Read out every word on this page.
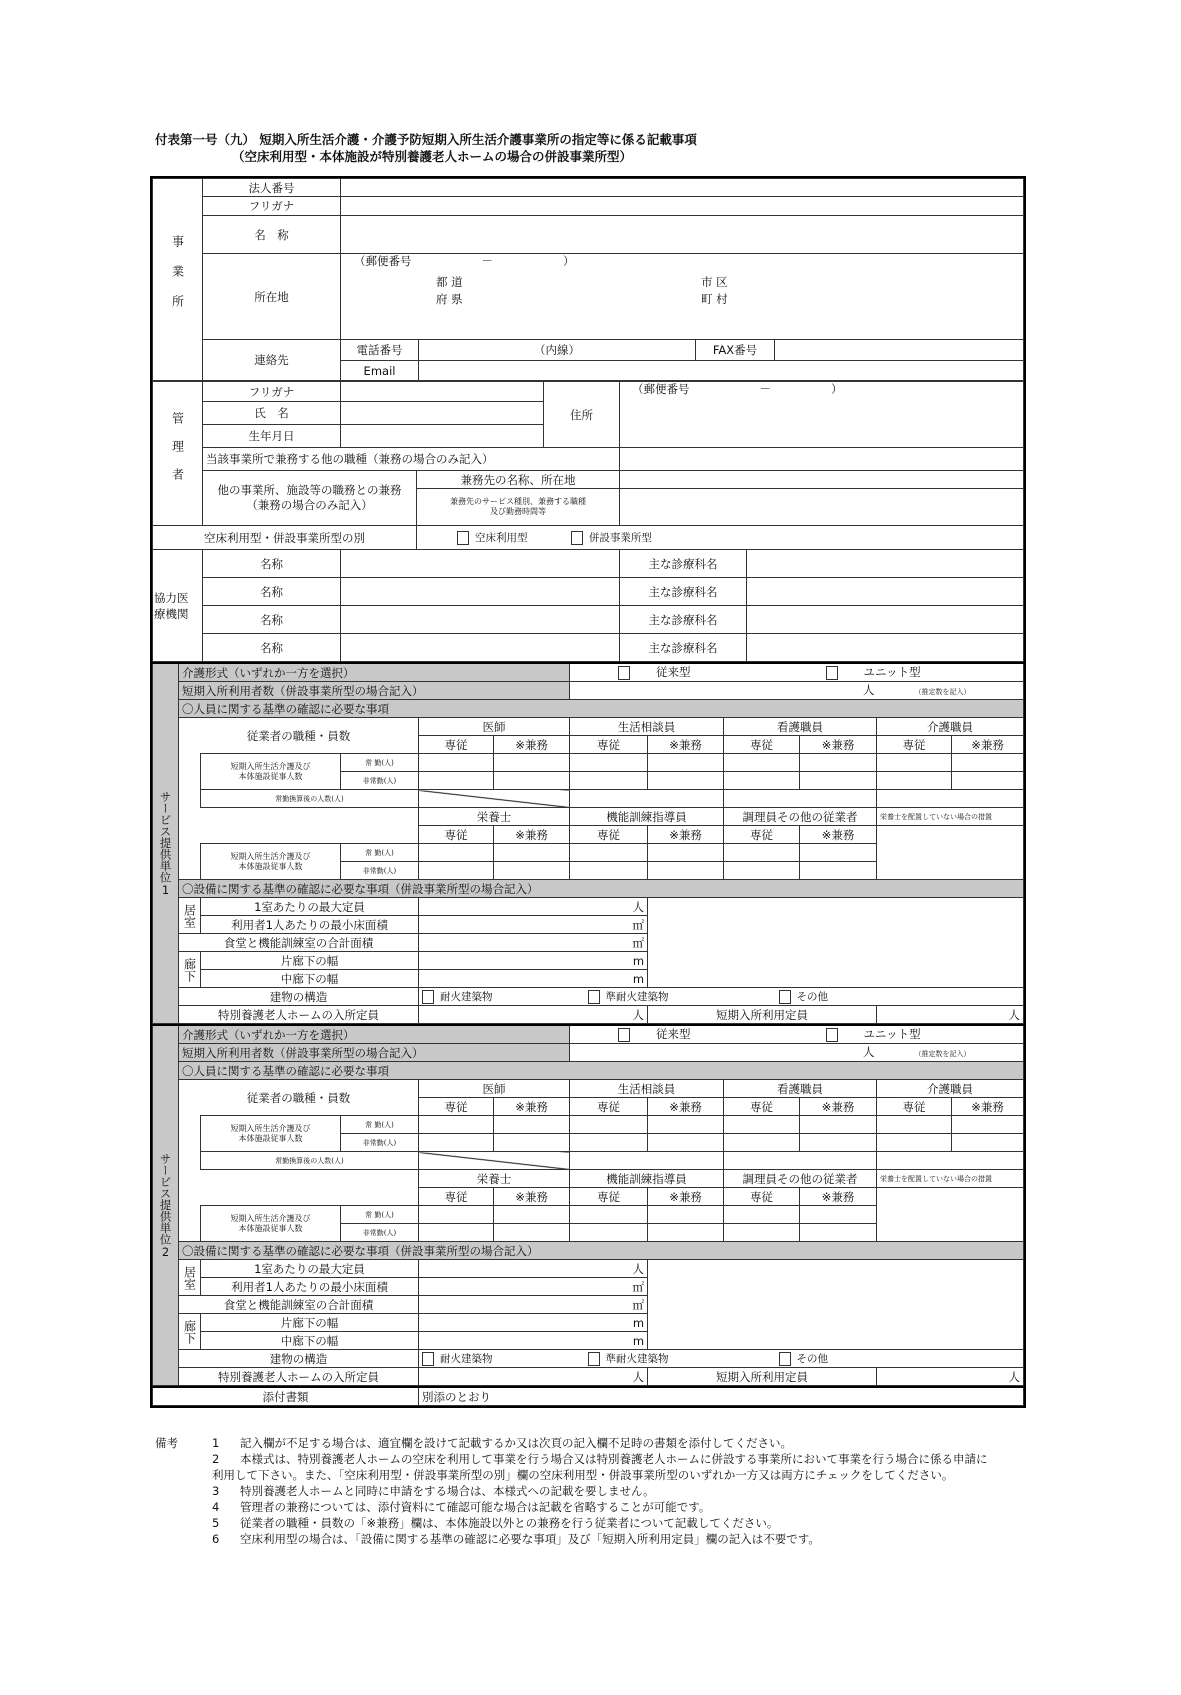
付表第一号（九） 短期入所生活介護・介護予防短期入所生活介護事業所の指定等に係る記載事項
（空床利用型・本体施設が特別養護老人ホームの場合の併設事業所型）
事業所	法人番号				
	フリガナ				
	名　称				
	所在地	（郵便番号 － ）
都 道
府 県
市 区
町 村			

	連絡先	電話番号	（内線）	FAX番号	
		Email			
管理者	フリガナ			住所	（郵便番号 － ）	
	氏　名					
	生年月日					
	当該事業所で兼務する他の職種（兼務の場合のみ記入）					

	他の事業所、施設等の職務との兼務
（兼務の場合のみ記入）		兼務先の名称、所在地			

			兼務先のサービス種別、兼務する職種
及び勤務時間等			

空床利用型・併設事業所型の別			空床利用型 併設事業所型			

協力医
療機関	名称				主な診療科名	
	名称				主な診療科名	
	名称				主な診療科名	
	名称				主な診療科名	
サービス提供単位1	介護形式（いずれか一方を選択）					従来型 ユニット型					
	短期入所利用者数（併設事業所型の場合記入）					人 （推定数を記入）					
	〇人員に関する基準の確認に必要な事項										
	従業者の職種・員数			医師		生活相談員		看護職員		介護職員	
				専従	※兼務	専従	※兼務	専従	※兼務	専従	※兼務

		短期入所生活介護及び
本体施設従事人数	常 勤(人)								
			非常勤(人)								
		常勤換算後の人数(人)									
				栄養士		機能訓練指導員		調理員その他の従業者		栄養士を配置していない場合の措置	
				専従	※兼務	専従	※兼務	専従	※兼務		

		短期入所生活介護及び
本体施設従事人数	常 勤(人)								
			非常勤(人)								
	〇設備に関する基準の確認に必要な事項（併設事業所型の場合記入）										
	居室	1室あたりの最大定員		人							
		利用者1人あたりの最小床面積		㎡							
	食堂と機能訓練室の合計面積			㎡							
	廊下	片廊下の幅		m							
		中廊下の幅		m							
	建物の構造			耐火建築物 準耐火建築物 その他							
	特別養護老人ホームの入所定員			人			短期入所利用定員			人	
サービス提供単位2	介護形式（いずれか一方を選択）					従来型 ユニット型					
	短期入所利用者数（併設事業所型の場合記入）					人 （推定数を記入）					
	〇人員に関する基準の確認に必要な事項										
	従業者の職種・員数			医師		生活相談員		看護職員		介護職員	
				専従	※兼務	専従	※兼務	専従	※兼務	専従	※兼務

		短期入所生活介護及び
本体施設従事人数	常 勤(人)								
			非常勤(人)								
		常勤換算後の人数(人)									
				栄養士		機能訓練指導員		調理員その他の従業者		栄養士を配置していない場合の措置	
				専従	※兼務	専従	※兼務	専従	※兼務		

		短期入所生活介護及び
本体施設従事人数	常 勤(人)								
			非常勤(人)								
	〇設備に関する基準の確認に必要な事項（併設事業所型の場合記入）										
	居室	1室あたりの最大定員		人							
		利用者1人あたりの最小床面積		㎡							
	食堂と機能訓練室の合計面積			㎡							
	廊下	片廊下の幅		m							
		中廊下の幅		m							
	建物の構造			耐火建築物 準耐火建築物 その他							
	特別養護老人ホームの入所定員			人			短期入所利用定員			人	
添付書類	別添のとおり
備考	1	記入欄が不足する場合は、適宜欄を設けて記載するか又は次頁の記入欄不足時の書類を添付してください。
2	本様式は、特別養護老人ホームの空床を利用して事業を行う場合又は特別養護老人ホームに併設する事業所において事業を行う場合に係る申請に利用して下さい。また、「空床利用型・併設事業所型の別」欄の空床利用型・併設事業所型のいずれか一方又は両方にチェックをしてください。
3	特別養護老人ホームと同時に申請をする場合は、本様式への記載を要しません。
4	管理者の兼務については、添付資料にて確認可能な場合は記載を省略することが可能です。
5	従業者の職種・員数の「※兼務」欄は、本体施設以外との兼務を行う従業者について記載してください。
6	空床利用型の場合は、「設備に関する基準の確認に必要な事項」及び「短期入所利用定員」欄の記入は不要です。
